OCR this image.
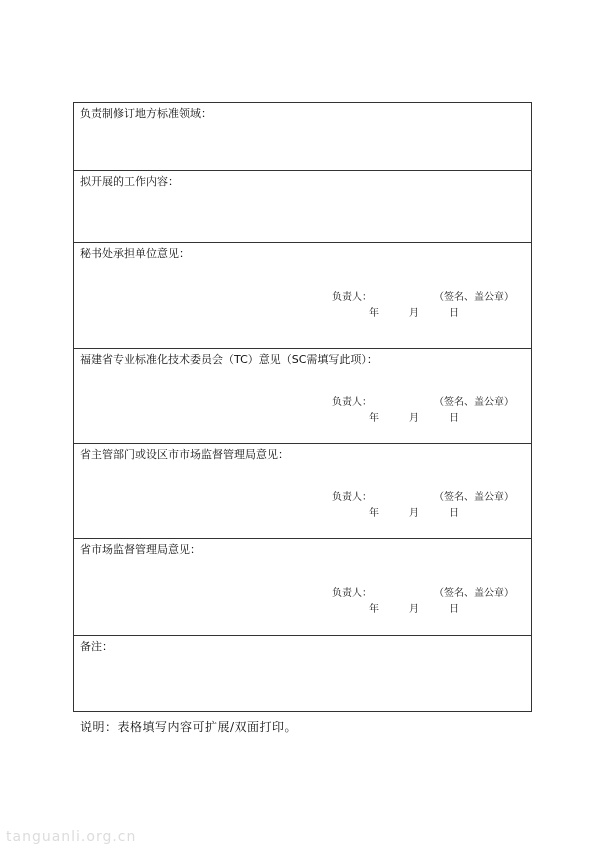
负责制修订地方标准领域：
拟开展的工作内容：
秘书处承担单位意见：
负责人：	（签名、盖公章）
年	月	日
福建省专业标准化技术委员会（TC）意见（SC需填写此项）：
负责人：	（签名、盖公章）
年	月	日
省主管部门或设区市市场监督管理局意见：
负责人：	（签名、盖公章）
年	月	日
省市场监督管理局意见：
负责人：	（签名、盖公章）
年	月	日
备注：
说明：表格填写内容可扩展/双面打印。
tanguanli.org.cn
